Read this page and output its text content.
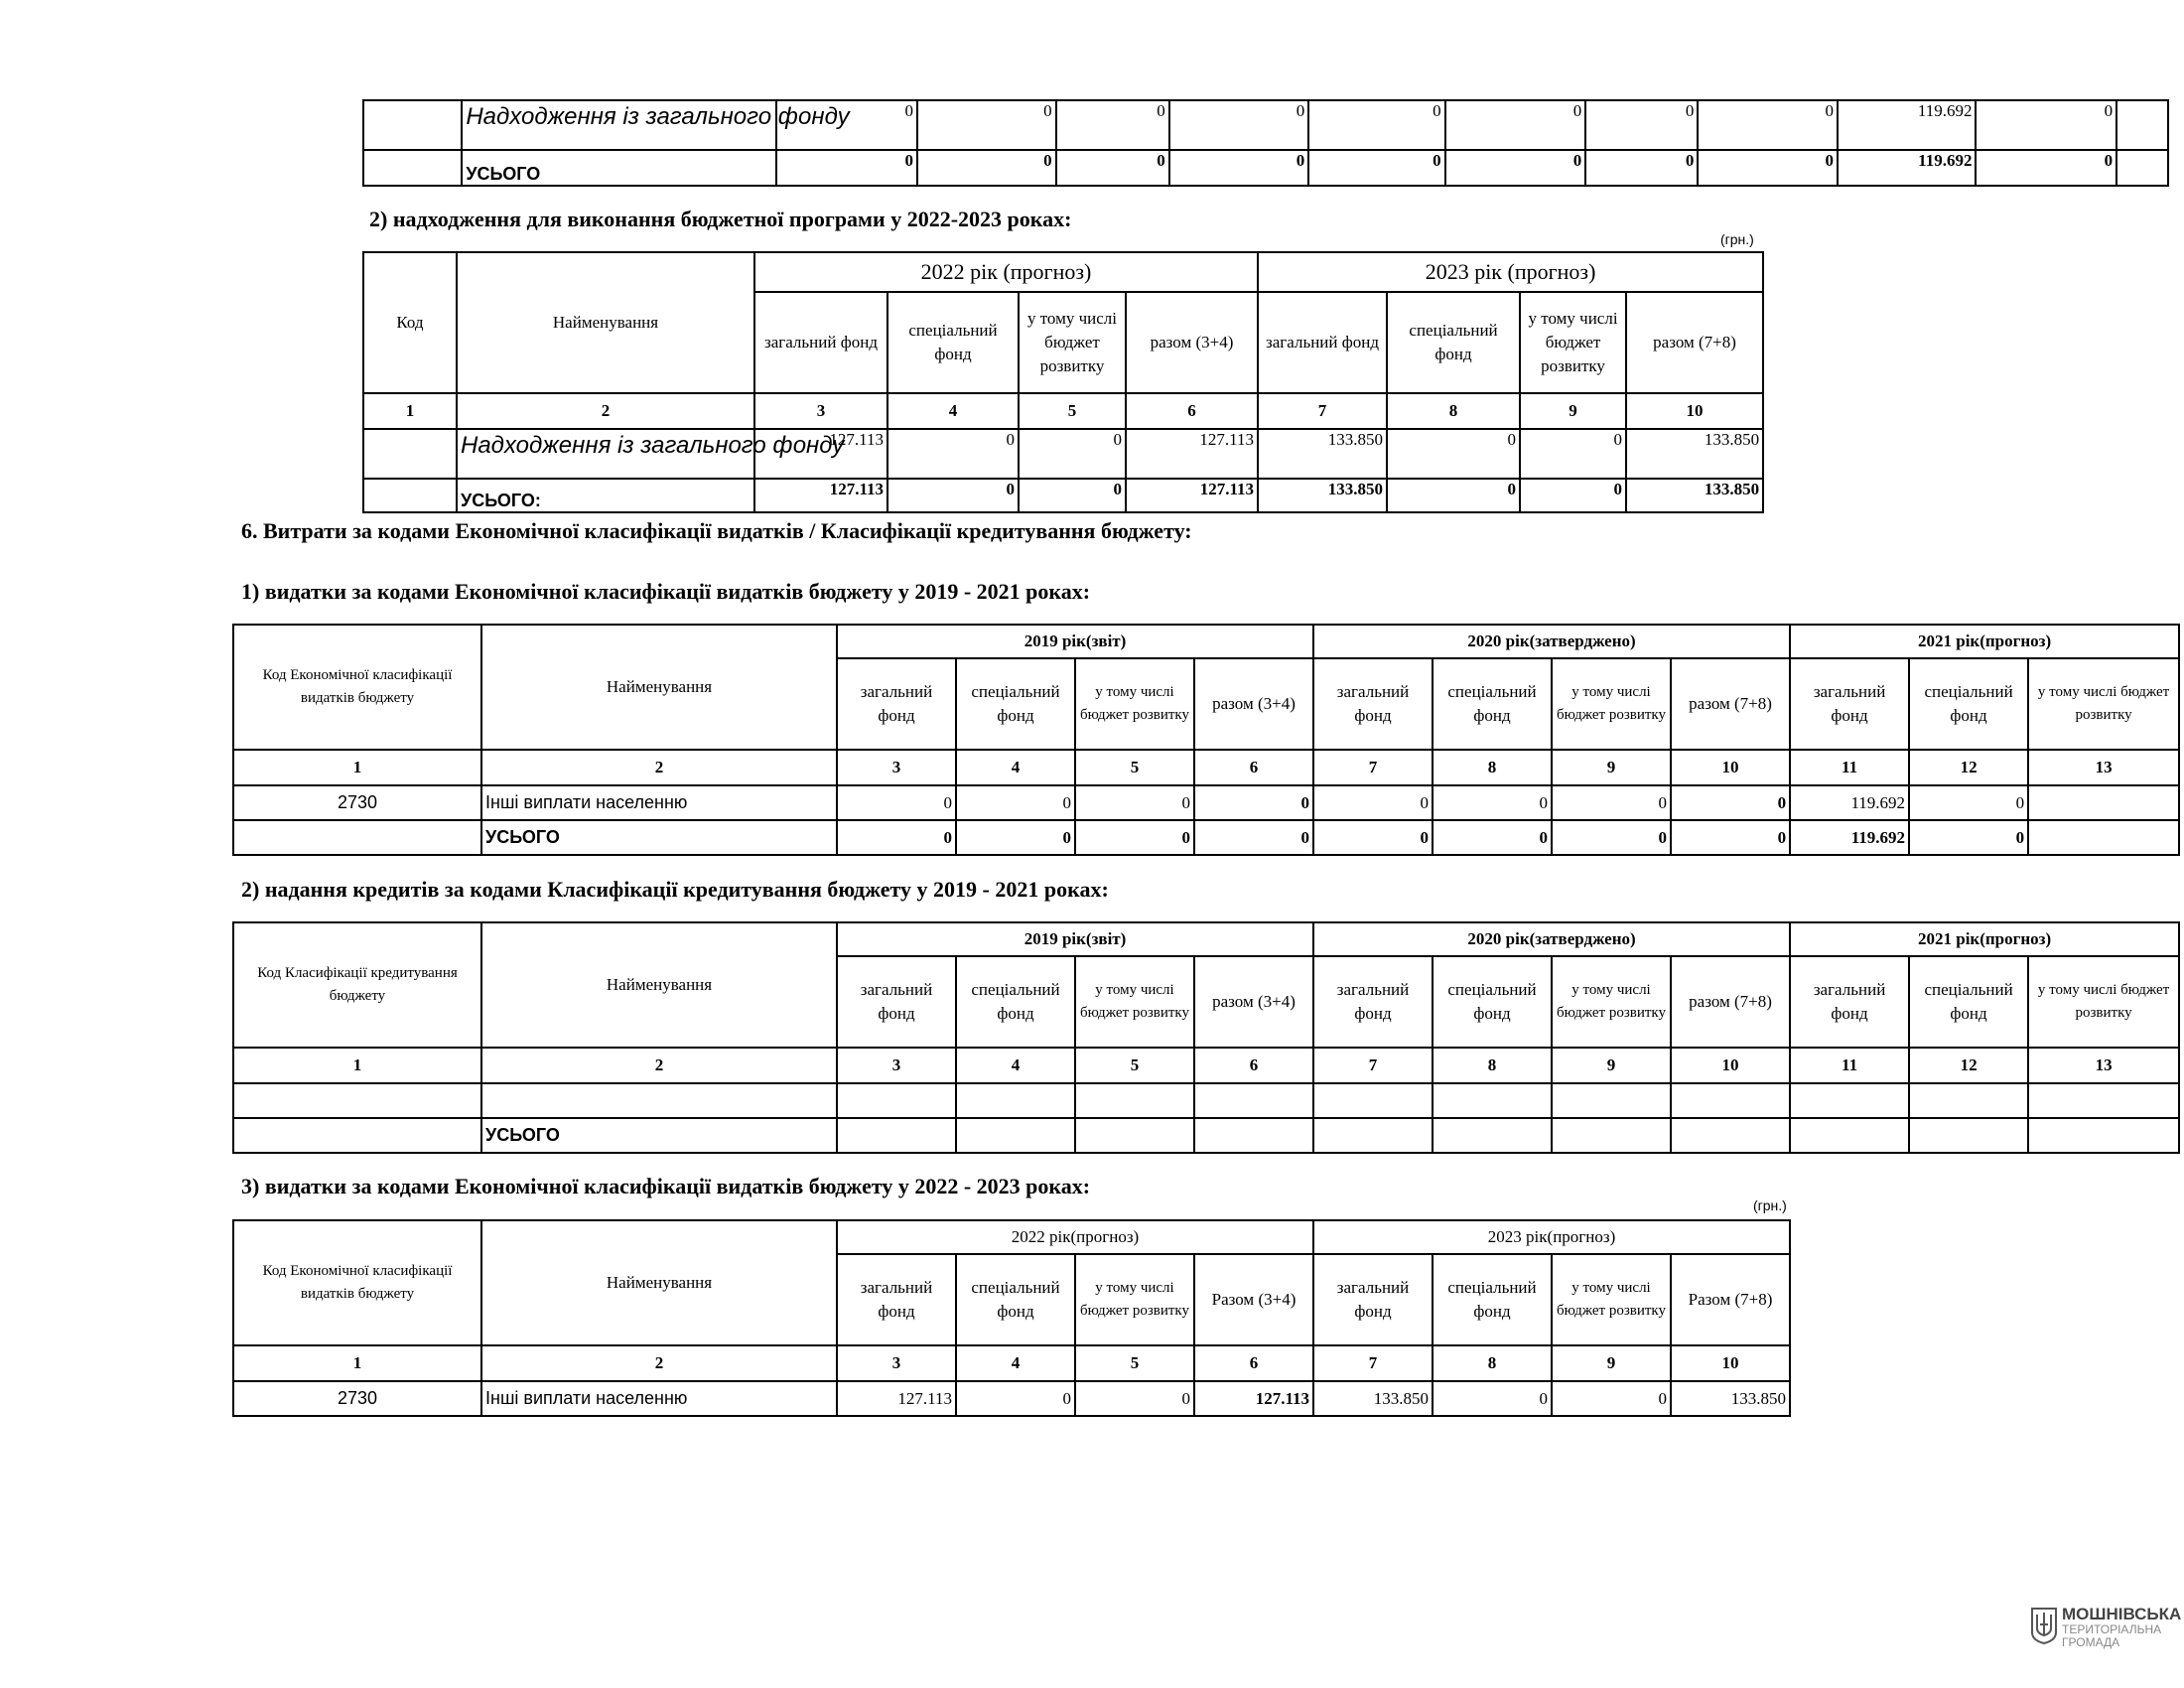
	Надходження із загального фонду	0	0	0	0	0	0	0	0	119.692	0	
	УСЬОГО	0	0	0	0	0	0	0	0	119.692	0	
2) надходження для виконання бюджетної програми у 2022-2023 роках:
(грн.)
Код	Найменування	2022 рік (прогноз)				2023 рік (прогноз)			
		загальний фонд	спеціальний фонд	у тому числі бюджет розвитку	разом (3+4)	загальний фонд	спеціальний фонд	у тому числі бюджет розвитку	разом (7+8)
1	2	3	4	5	6	7	8	9	10
	Надходження із загального фонду	127.113	0	0	127.113	133.850	0	0	133.850
	УСЬОГО:	127.113	0	0	127.113	133.850	0	0	133.850
6. Витрати за кодами Економічної класифікації видатків / Класифікації кредитування бюджету:
1) видатки за кодами Економічної класифікації видатків бюджету у 2019 - 2021 роках:
Код Економічної класифікації видатків бюджету	Найменування	2019 рік(звіт)				2020 рік(затверджено)				2021 рік(прогноз)		
		загальний фонд	спеціальний фонд	у тому числі бюджет розвитку	разом (3+4)	загальний фонд	спеціальний фонд	у тому числі бюджет розвитку	разом (7+8)	загальний фонд	спеціальний фонд	у тому числі бюджет розвитку
1	2	3	4	5	6	7	8	9	10	11	12	13
2730	Інші виплати населенню	0	0	0	0	0	0	0	0	119.692	0	
	УСЬОГО	0	0	0	0	0	0	0	0	119.692	0	
2) надання кредитів за кодами Класифікації кредитування бюджету у 2019 - 2021 роках:
Код Класифікації кредитування бюджету	Найменування	2019 рік(звіт)				2020 рік(затверджено)				2021 рік(прогноз)		
		загальний фонд	спеціальний фонд	у тому числі бюджет розвитку	разом (3+4)	загальний фонд	спеціальний фонд	у тому числі бюджет розвитку	разом (7+8)	загальний фонд	спеціальний фонд	у тому числі бюджет розвитку
1	2	3	4	5	6	7	8	9	10	11	12	13

	УСЬОГО											
3) видатки за кодами Економічної класифікації видатків бюджету у 2022 - 2023 роках:
(грн.)
Код Економічної класифікації видатків бюджету	Найменування	2022 рік(прогноз)				2023 рік(прогноз)			
		загальний фонд	спеціальний фонд	у тому числі бюджет розвитку	Разом (3+4)	загальний фонд	спеціальний фонд	у тому числі бюджет розвитку	Разом (7+8)
1	2	3	4	5	6	7	8	9	10
2730	Інші виплати населенню	127.113	0	0	127.113	133.850	0	0	133.850
МОШНІВСЬКА
ТЕРИТОРІАЛЬНА
ГРОМАДА
